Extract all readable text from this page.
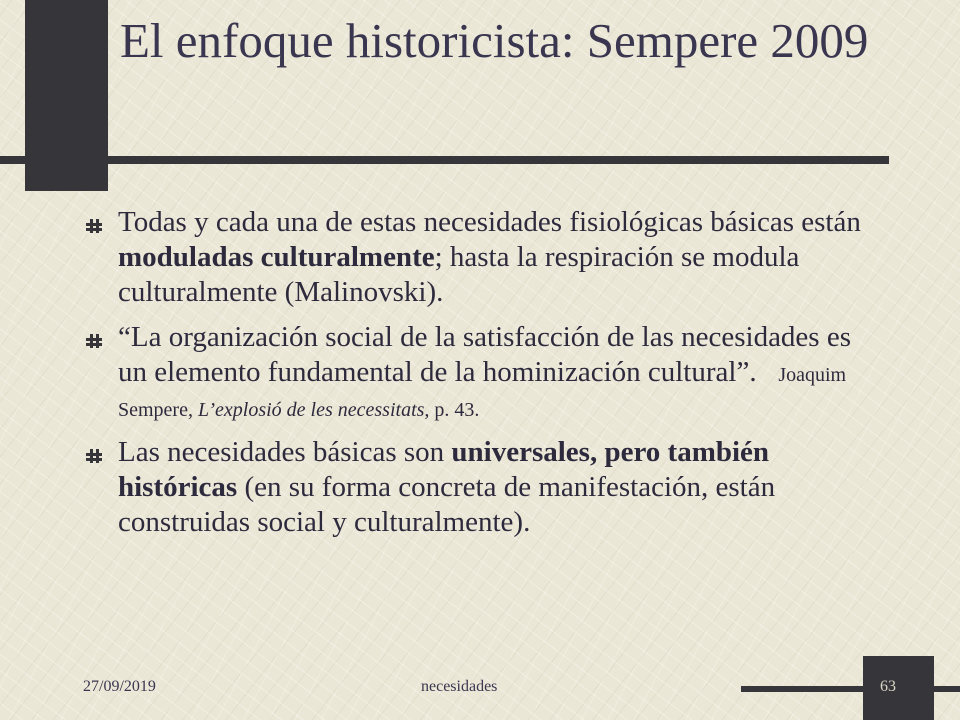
El enfoque historicista: Sempere 2009

Todas y cada una de estas necesidades fisiológicas básicas están moduladas culturalmente; hasta la respiración se modula culturalmente (Malinovski).

“La organización social de la satisfacción de las necesidades es un elemento fundamental de la hominización cultural”. Joaquim Sempere, L’explosió de les necessitats, p. 43.

Las necesidades básicas son universales, pero también históricas (en su forma concreta de manifestación, están construidas social y culturalmente).

27/09/2019	necesidades	63
